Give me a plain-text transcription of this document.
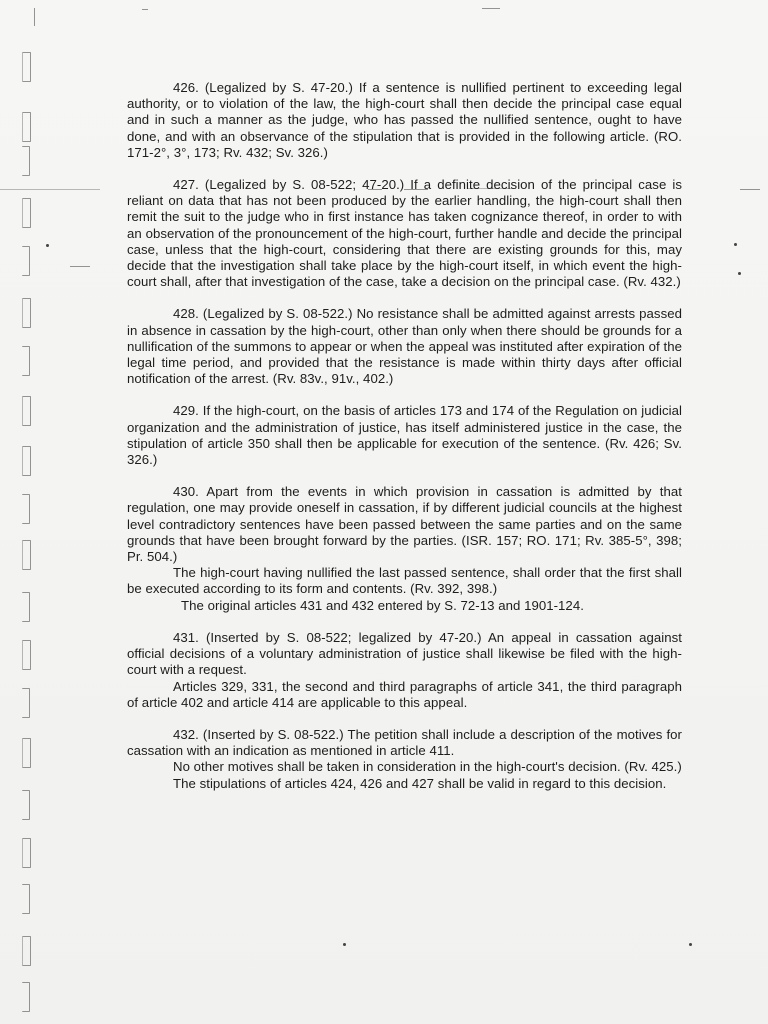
426. (Legalized by S. 47-20.) If a sentence is nullified pertinent to exceeding legal authority, or to violation of the law, the high-court shall then decide the principal case equal and in such a manner as the judge, who has passed the nullified sentence, ought to have done, and with an observance of the stipulation that is provided in the following article. (RO. 171-2°, 3°, 173; Rv. 432; Sv. 326.)

427. (Legalized by S. 08-522; 47-20.) If a definite decision of the principal case is reliant on data that has not been produced by the earlier handling, the high-court shall then remit the suit to the judge who in first instance has taken cognizance thereof, in order to with an observation of the pronouncement of the high-court, further handle and decide the principal case, unless that the high-court, considering that there are existing grounds for this, may decide that the investigation shall take place by the high-court itself, in which event the high-court shall, after that investigation of the case, take a decision on the principal case. (Rv. 432.)

428. (Legalized by S. 08-522.) No resistance shall be admitted against arrests passed in absence in cassation by the high-court, other than only when there should be grounds for a nullification of the summons to appear or when the appeal was instituted after expiration of the legal time period, and provided that the resistance is made within thirty days after official notification of the arrest. (Rv. 83v., 91v., 402.)

429. If the high-court, on the basis of articles 173 and 174 of the Regulation on judicial organization and the administration of justice, has itself administered justice in the case, the stipulation of article 350 shall then be applicable for execution of the sentence. (Rv. 426; Sv. 326.)

430. Apart from the events in which provision in cassation is admitted by that regulation, one may provide oneself in cassation, if by different judicial councils at the highest level contradictory sentences have been passed between the same parties and on the same grounds that have been brought forward by the parties. (ISR. 157; RO. 171; Rv. 385-5°, 398; Pr. 504.)

The high-court having nullified the last passed sentence, shall order that the first shall be executed according to its form and contents. (Rv. 392, 398.)

The original articles 431 and 432 entered by S. 72-13 and 1901-124.

431. (Inserted by S. 08-522; legalized by 47-20.) An appeal in cassation against official decisions of a voluntary administration of justice shall likewise be filed with the high-court with a request.

Articles 329, 331, the second and third paragraphs of article 341, the third paragraph of article 402 and article 414 are applicable to this appeal.

432. (Inserted by S. 08-522.) The petition shall include a description of the motives for cassation with an indication as mentioned in article 411.

No other motives shall be taken in consideration in the high-court's decision. (Rv. 425.)

The stipulations of articles 424, 426 and 427 shall be valid in regard to this decision.
